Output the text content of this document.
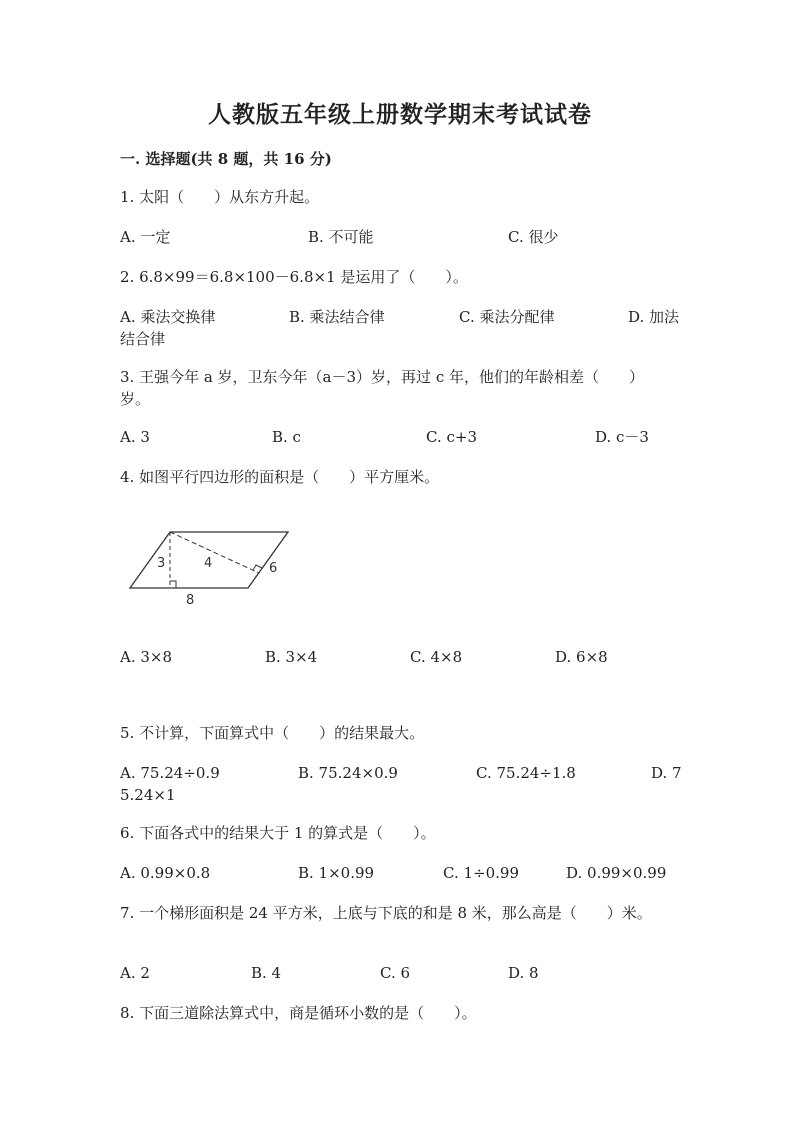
人教版五年级上册数学期末考试试卷
一. 选择题(共 8 题，共 16 分)
1. 太阳（　　）从东方升起。
A. 一定	B. 不可能	C. 很少
2. 6.8×99＝6.8×100－6.8×1 是运用了（　　）。
A. 乘法交换律	B. 乘法结合律	C. 乘法分配律	D. 加法
结合律
3. 王强今年 a 岁，卫东今年（a－3）岁，再过 c 年，他们的年龄相差（　　）
岁。
A. 3	B. c	C. c+3	D. c－3
4. 如图平行四边形的面积是（　　）平方厘米。
3	4	6
8
A. 3×8	B. 3×4	C. 4×8	D. 6×8
5. 不计算，下面算式中（　　）的结果最大。
A. 75.24÷0.9	B. 75.24×0.9	C. 75.24÷1.8	D. 7
5.24×1
6. 下面各式中的结果大于 1 的算式是（　　）。
A. 0.99×0.8	B. 1×0.99	C. 1÷0.99	D. 0.99×0.99
7. 一个梯形面积是 24 平方米，上底与下底的和是 8 米，那么高是（　　）米。
A. 2	B. 4	C. 6	D. 8
8. 下面三道除法算式中，商是循环小数的是（　　）。
